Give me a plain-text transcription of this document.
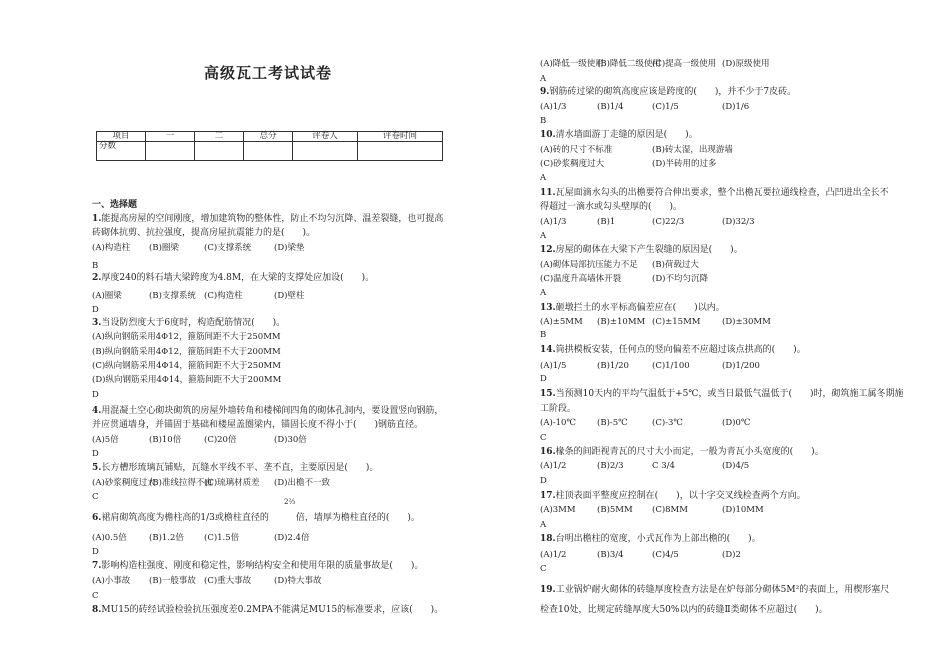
高级瓦工考试试卷
项目	一	二	总分	评卷人	评卷时间
分数					
一、选择题
1.能提高房屋的空间刚度，增加建筑物的整体性，防止不均匀沉降、温差裂缝，也可提高
砖砌体抗剪、抗拉强度，提高房屋抗震能力的是(　　)。
(A)构造柱 (B)圈梁	(C)支撑系统	(D)梁垫
B
2.厚度240的料石墙大梁跨度为4.8M，在大梁的支撑处应加设(　　)。
(A)圈梁	(B)支撑系统 (C)构造柱	(D)壁柱
D
3.当设防烈度大于6度时，构造配筋情况(　　)。
(A)纵向钢筋采用4Φ12，箍筋间距不大于250MM
(B)纵向钢筋采用4Φ12，箍筋间距不大于200MM
(C)纵向钢筋采用4Φ14，箍筋间距不大于250MM
(D)纵向钢筋采用4Φ14，箍筋间距不大于200MM
D
4.用混凝土空心砌块砌筑的房屋外墙转角和楼梯间四角的砌体孔洞内，要设置竖向钢筋，
并应贯通墙身，并锚固于基础和楼屋盖圈梁内，锚固长度不得小于(　　)钢筋直径。
(A)5倍	(B)10倍	(C)20倍	(D)30倍
D
5.长方槽形琉璃瓦铺贴，瓦缝水平线不平、垄不直，主要原因是(　　)。
(A)砂浆稠度过大
(B)准线拉得不直
(C)琉璃材质差 (D)出檐不一致
C
6.裙肩砌筑高度为檐柱高的1/3或檐柱直径的　　　倍，墙厚为檐柱直径的(　　)。
(A)0.5倍	(B)1.2倍 (C)1.5倍	(D)2.4倍
D
7.影响构造柱强度、刚度和稳定性，影响结构安全和使用年限的质量事故是(　　)。
(A)小事故 (B)一般事故 (C)重大事故	(D)特大事故
C
8.MU15的砖经试验检验抗压强度差0.2MPA不能满足MU15的标准要求，应该(　　)。
(A)降低一级使用
(B)降低二级使用
(C)提高一级使用 (D)原级使用
A
9.钢筋砖过梁的砌筑高度应该是跨度的(　　)，并不少于7皮砖。
(A)1/3	(B)1/4	(C)1/5	(D)1/6
B
10.清水墙面游丁走缝的原因是(　　)。
(A)砖的尺寸不标准	(B)砖太湿，出现游墙
(C)砂浆稠度过大	(D)半砖用的过多
A
11.瓦屋面滴水勾头的出檐要符合伸出要求，整个出檐瓦要拉通线检查，凸凹进出全长不
得超过一滴水或勾头壁厚的(　　)。
(A)1/3	(B)1	(C)22/3	(D)32/3
A
12.房屋的砌体在大梁下产生裂缝的原因是(　　)。
(A)砌体局部抗压能力不足 (B)荷载过大
(C)温度升高墙体开裂	(D)不均匀沉降
A
13.砸墩拦土的水平标高偏差应在(　　)以内。
(A)±5MM (B)±10MM (C)±15MM	(D)±30MM
B
14.筒拱模板安装，任何点的竖向偏差不应超过该点拱高的(　　)。
(A)1/5	(B)1/20	(C)1/100	(D)1/200
D
15.当预测10天内的平均气温低于+5℃，或当日最低气温低于(　　)时，砌筑施工属冬期施
工阶段。
(A)-10℃ (B)-5℃	(C)-3℃	(D)0℃
C
16.椽条的间距视青瓦的尺寸大小而定，一般为青瓦小头宽度的(　　)。
(A)1/2	(B)2/3	C 3/4	(D)4/5
D
17.柱顶表面平整度应控制在(　　)，以十字交叉线检查两个方向。
(A)3MM	(B)5MM (C)8MM	(D)10MM
A
18.台明出檐柱的宽度，小式瓦作为上部出檐的(　　)。
(A)1/2	(B)3/4	(C)4/5	(D)2
C
19.工业锅炉耐火砌体的砖缝厚度检查方法是在炉每部分砌体5M²的表面上，用楔形塞尺
检查10处，比规定砖缝厚度大50%以内的砖缝Ⅱ类砌体不应超过(　　)。
2⅔
